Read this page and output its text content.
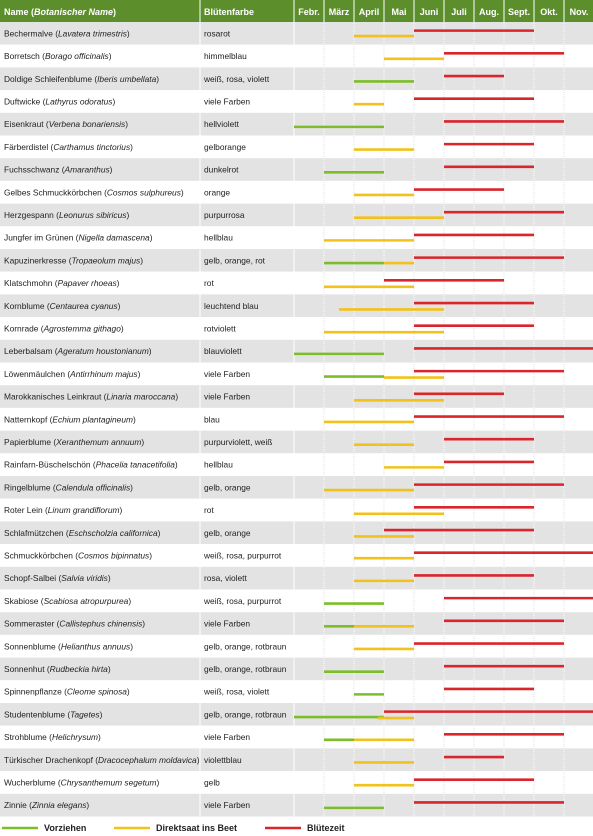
Name (Botanischer Name)	Blütenfarbe	Febr. März April Mai Juni Juli Aug. Sept. Okt. Nov.
Bechermalve (Lavatera trimestris)	rosarot
Borretsch (Borago officinalis)	himmelblau
Doldige Schleifenblume (Iberis umbellata)	weiß, rosa, violett
Duftwicke (Lathyrus odoratus)	viele Farben
Eisenkraut (Verbena bonariensis)	hellviolett
Färberdistel (Carthamus tinctorius)	gelborange
Fuchsschwanz (Amaranthus)	dunkelrot
Gelbes Schmuckkörbchen (Cosmos sulphureus) orange
Herzgespann (Leonurus sibiricus)	purpurrosa
Jungfer im Grünen (Nigella damascena)	hellblau
Kapuzinerkresse (Tropaeolum majus)	gelb, orange, rot
Klatschmohn (Papaver rhoeas)	rot
Kornblume (Centaurea cyanus)	leuchtend blau
Kornrade (Agrostemma githago)	rotviolett
Leberbalsam (Ageratum houstonianum)	blauviolett
Löwenmäulchen (Antirrhinum majus)	viele Farben
Marokkanisches Leinkraut (Linaria maroccana)	viele Farben
Natternkopf (Echium plantagineum)	blau
Papierblume (Xeranthemum annuum)	purpurviolett, weiß
Rainfarn-Büschelschön (Phacelia tanacetifolia)	hellblau
Ringelblume (Calendula officinalis)	gelb, orange
Roter Lein (Linum grandiflorum)	rot
Schlafmützchen (Eschscholzia californica)	gelb, orange
Schmuckkörbchen (Cosmos bipinnatus)	weiß, rosa, purpurrot
Schopf-Salbei (Salvia viridis)	rosa, violett
Skabiose (Scabiosa atropurpurea)	weiß, rosa, purpurrot
Sommeraster (Callistephus chinensis)	viele Farben
Sonnenblume (Helianthus annuus)	gelb, orange, rotbraun
Sonnenhut (Rudbeckia hirta)	gelb, orange, rotbraun
Spinnenpflanze (Cleome spinosa)	weiß, rosa, violett
Studentenblume (Tagetes)	gelb, orange, rotbraun
Strohblume (Helichrysum)	viele Farben
Türkischer Drachenkopf (Dracocephalum moldavica) violettblau
Wucherblume (Chrysanthemum segetum)	gelb
Zinnie (Zinnia elegans)	viele Farben
Vorziehen	Direktsaat ins Beet	Blütezeit
